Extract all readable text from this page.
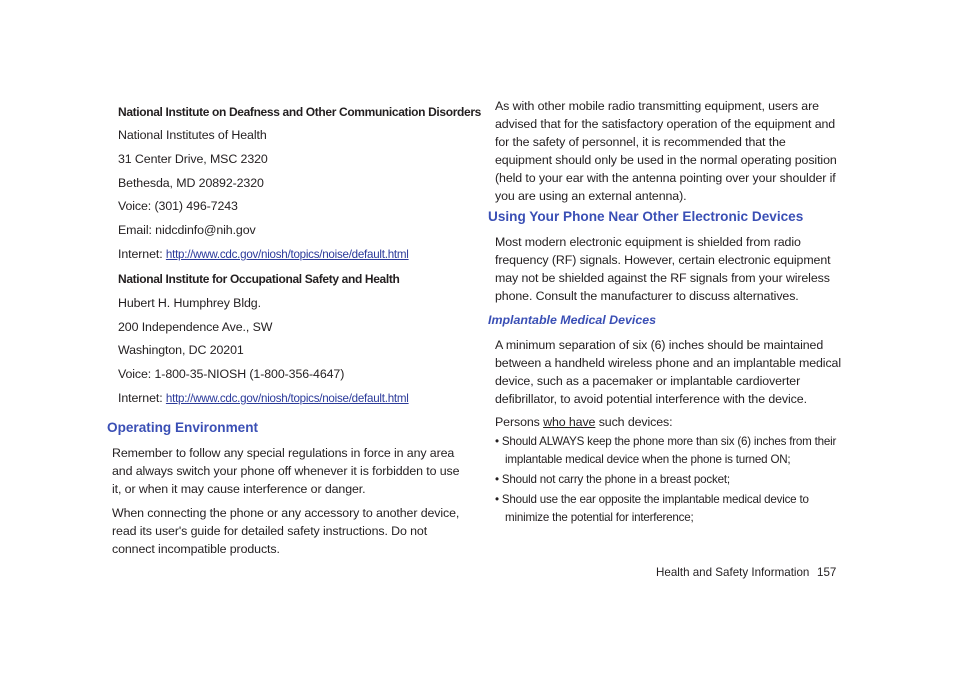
National Institute on Deafness and Other Communication Disorders
National Institutes of Health
31 Center Drive, MSC 2320
Bethesda, MD 20892-2320
Voice: (301) 496-7243
Email: nidcdinfo@nih.gov
Internet: http://www.cdc.gov/niosh/topics/noise/default.html
National Institute for Occupational Safety and Health
Hubert H. Humphrey Bldg.
200 Independence Ave., SW
Washington, DC 20201
Voice: 1-800-35-NIOSH (1-800-356-4647)
Internet: http://www.cdc.gov/niosh/topics/noise/default.html
Operating Environment
Remember to follow any special regulations in force in any area
and always switch your phone off whenever it is forbidden to use
it, or when it may cause interference or danger.
When connecting the phone or any accessory to another device,
read its user's guide for detailed safety instructions. Do not
connect incompatible products.
As with other mobile radio transmitting equipment, users are
advised that for the satisfactory operation of the equipment and
for the safety of personnel, it is recommended that the
equipment should only be used in the normal operating position
(held to your ear with the antenna pointing over your shoulder if
you are using an external antenna).
Using Your Phone Near Other Electronic Devices
Most modern electronic equipment is shielded from radio
frequency (RF) signals. However, certain electronic equipment
may not be shielded against the RF signals from your wireless
phone. Consult the manufacturer to discuss alternatives.
Implantable Medical Devices
A minimum separation of six (6) inches should be maintained
between a handheld wireless phone and an implantable medical
device, such as a pacemaker or implantable cardioverter
defibrillator, to avoid potential interference with the device.
Persons who have such devices:
• Should ALWAYS keep the phone more than six (6) inches from their
implantable medical device when the phone is turned ON;
• Should not carry the phone in a breast pocket;
• Should use the ear opposite the implantable medical device to
minimize the potential for interference;
Health and Safety Information 157
